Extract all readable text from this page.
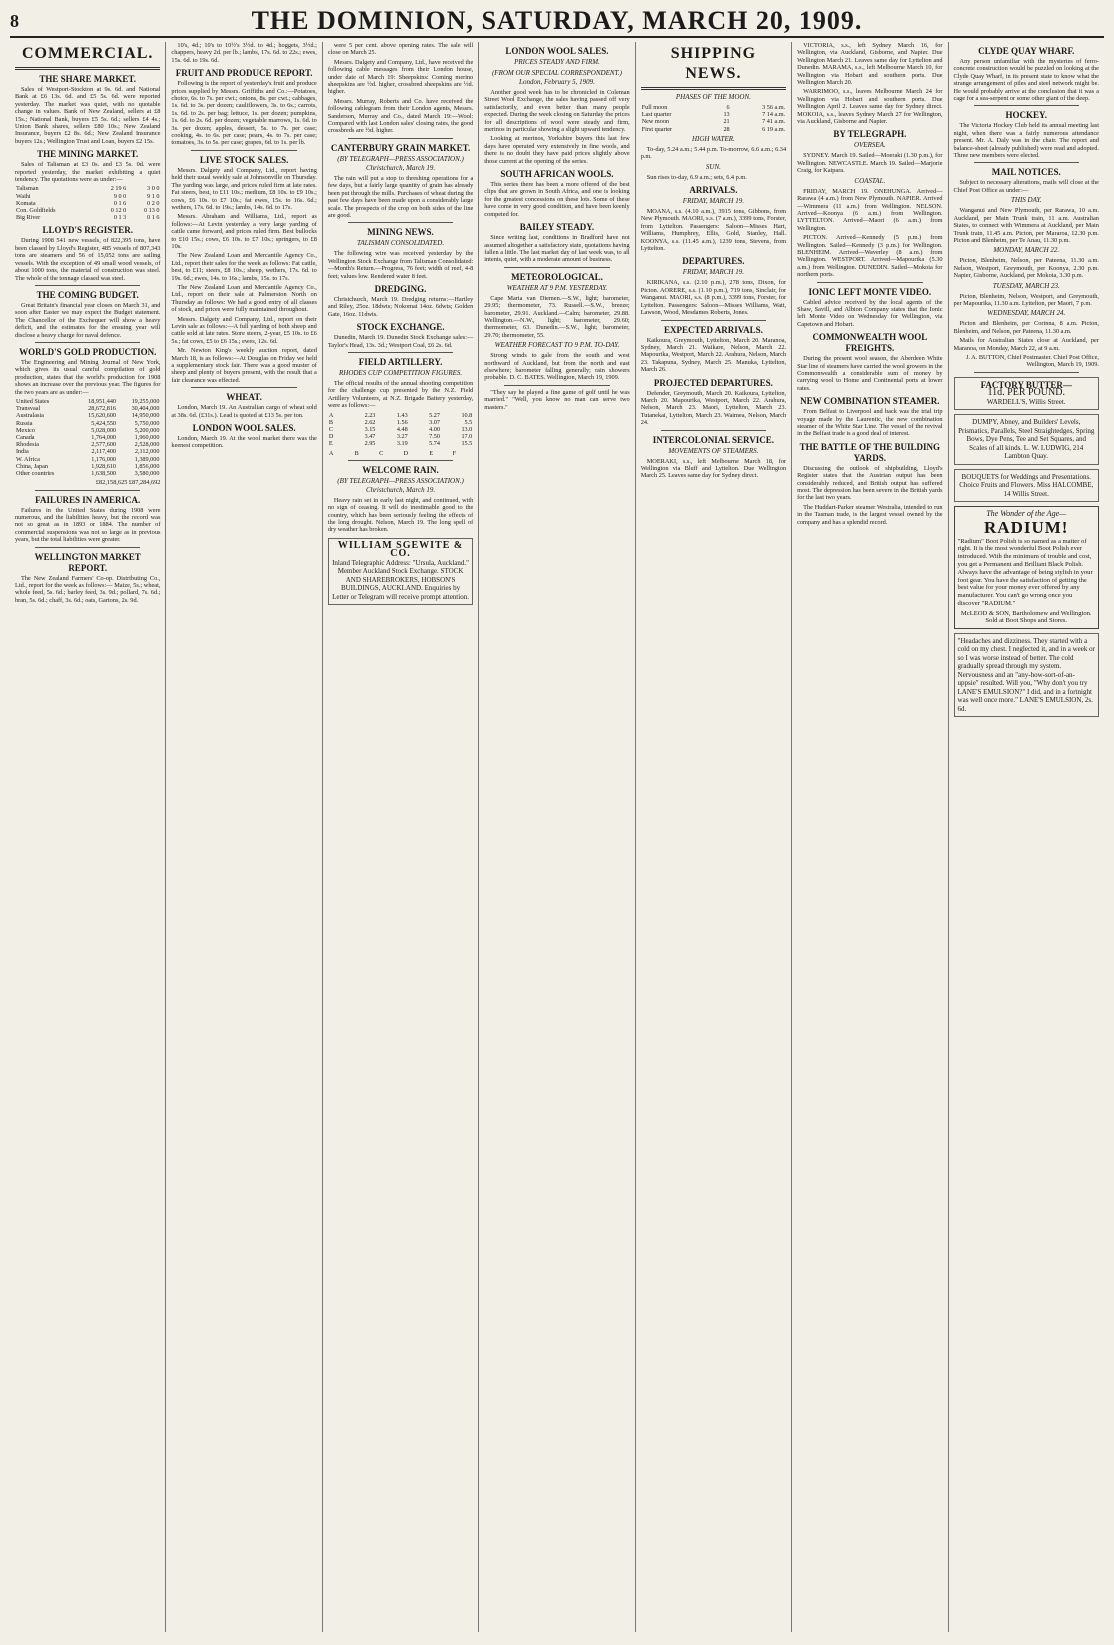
8	THE DOMINION, SATURDAY, MARCH 20, 1909.
COMMERCIAL.
THE SHARE MARKET.

Sales of Westport-Stockton at 9s. 6d. and National Bank at £6 13s. 6d. and £5 5s. 6d. were reported yesterday. The market was quiet, with no quotable change in values. Bank of New Zealand, sellers at £8 15s.; National Bank, buyers £5 5s. 6d.; sellers £4 4s.; Union Bank shares, sellers £80 10s.; New Zealand Insurance, buyers £2 8s. 6d.; New Zealand Insurance buyers 12s.; Wellington Trust and Loan, buyers £2 15s.

THE MINING MARKET.

Sales of Talisman at £3 0s. and £3 5s. 0d. were reported yesterday, the market exhibiting a quiet tendency. The quotations were as under:—

Talisman	2 19 6	3 0 0
Waihi	9 0 0	9 1 0
Komata	0 1 6	0 2 0
Con. Goldfields	0 12 0	0 13 0
Big River	0 1 3	0 1 6
LLOYD'S REGISTER.

During 1908 541 new vessels, of 822,395 tons, have been classed by Lloyd's Register, 485 vessels of 807,343 tons are steamers and 56 of 15,052 tons are sailing vessels. With the exception of 49 small wood vessels, of about 1000 tons, the material of construction was steel. The whole of the tonnage classed was steel.

THE COMING BUDGET.

Great Britain's financial year closes on March 31, and soon after Easter we may expect the Budget statement. The Chancellor of the Exchequer will show a heavy deficit, and the estimates for the ensuing year will disclose a heavy charge for naval defence.

WORLD'S GOLD PRODUCTION.

The Engineering and Mining Journal of New York, which gives its usual careful compilation of gold production, states that the world's production for 1908 shows an increase over the previous year. The figures for the two years are as under:—

United States	18,951,440	19,255,000
Transvaal	28,672,816	30,404,000
Australasia	15,620,600	14,950,000
Russia	5,424,550	5,750,000
Mexico	5,028,000	5,200,000
Canada	1,764,000	1,960,000
Rhodesia	2,577,600	2,528,000
India	2,117,400	2,112,000
W. Africa	1,176,000	1,389,000
China, Japan	1,928,610	1,856,000
Other countries	1,638,500	3,580,000

£82,158,625 £87,284,692

FAILURES IN AMERICA.

Failures in the United States during 1908 were numerous, and the liabilities heavy, but the record was not so great as in 1893 or 1884. The number of commercial suspensions was not so large as in previous years, but the total liabilities were greater.

WELLINGTON MARKET REPORT.

The New Zealand Farmers' Co-op. Distributing Co., Ltd., report for the week as follows:— Maize, 5s.; wheat, whole feed, 5s. 6d.; barley feed, 3s. 9d.; pollard, 7s. 6d.; bran, 5s. 6d.; chaff, 3s. 6d.; oats, Gartons, 2s. 9d.

10's, 4d.; 10's to 10½'s 3½d. to 4d.; hoggets, 3½d.; chappers, heavy 2d. per lb.; lambs, 17s. 6d. to 22s.; ewes, 15s. 6d. to 19s. 6d.

FRUIT AND PRODUCE REPORT.

Following is the report of yesterday's fruit and produce prices supplied by Messrs. Griffiths and Co.:—Potatoes, choice, 6s. to 7s. per cwt.; onions, 8s. per cwt.; cabbages, 1s. 6d. to 3s. per dozen; cauliflowers, 3s. to 6s.; carrots, 1s. 6d. to 2s. per bag; lettuce, 1s. per dozen; pumpkins, 1s. 6d. to 2s. 6d. per dozen; vegetable marrows, 1s. 6d. to 3s. per dozen; apples, dessert, 5s. to 7s. per case; cooking, 4s. to 6s. per case; pears, 4s. to 7s. per case; tomatoes, 3s. to 5s. per case; grapes, 6d. to 1s. per lb.

LIVE STOCK SALES.

Messrs. Dalgety and Company, Ltd., report having held their usual weekly sale at Johnsonville on Thursday. The yarding was large, and prices ruled firm at late rates. Fat steers, best, to £11 10s.; medium, £8 10s. to £9 10s.; cows, £6 10s. to £7 10s.; fat ewes, 15s. to 16s. 6d.; wethers, 17s. 6d. to 19s.; lambs, 14s. 6d. to 17s.

Messrs. Abraham and Williams, Ltd., report as follows:—At Levin yesterday a very large yarding of cattle came forward, and prices ruled firm. Best bullocks to £10 15s.; cows, £6 10s. to £7 10s.; springers, to £8 10s.

The New Zealand Loan and Mercantile Agency Co., Ltd., report their sales for the week as follows: Fat cattle, best, to £11; steers, £8 10s.; sheep, wethers, 17s. 6d. to 19s. 6d.; ewes, 14s. to 16s.; lambs, 15s. to 17s.

The New Zealand Loan and Mercantile Agency Co., Ltd., report on their sale at Palmerston North on Thursday as follows: We had a good entry of all classes of stock, and prices were fully maintained throughout.

Messrs. Dalgety and Company, Ltd., report on their Levin sale as follows:—A full yarding of both sheep and cattle sold at late rates. Store steers, 2-year, £5 10s. to £6 5s.; fat cows, £5 to £6 15s.; ewes, 12s. 6d.

Mr. Newton King's weekly auction report, dated March 18, is as follows:—At Douglas on Friday we held a supplementary stock fair. There was a good muster of sheep and plenty of buyers present, with the result that a fair clearance was effected.

WHEAT.

London, March 19. An Australian cargo of wheat sold at 38s. 6d. (£31s.). Lead is quoted at £13 5s. per ton.

LONDON WOOL SALES.

London, March 19. At the wool market there was the keenest competition.

were 5 per cent. above opening rates. The sale will close on March 25.

Messrs. Dalgety and Company, Ltd., have received the following cable messages from their London house, under date of March 19: Sheepskins: Coming merino sheepskins are ½d. higher, crossbred sheepskins are ½d. higher.

Messrs. Murray, Roberts and Co. have received the following cablegram from their London agents, Messrs. Sanderson, Murray and Co., dated March 19:—Wool: Compared with last London sales' closing rates, the good crossbreds are ½d. higher.

CANTERBURY GRAIN MARKET.
(BY TELEGRAPH—PRESS ASSOCIATION.) Christchurch, March 19.

The rain will put a stop to threshing operations for a few days, but a fairly large quantity of grain has already been put through the mills. Purchases of wheat during the past few days have been made upon a considerably large scale. The prospects of the crop on both sides of the line are good.

MINING NEWS.
TALISMAN CONSOLIDATED.

The following wire was received yesterday by the Wellington Stock Exchange from Talisman Consolidated:—Month's Return.—Progress, 76 feet; width of reef, 4-8 feet; values low. Rendered water 8 feet.

DREDGING.

Christchurch, March 19. Dredging returns:—Hartley and Riley, 25oz. 18dwts; Nokomai 14oz. 6dwts; Golden Gate, 16oz. 11dwts.

STOCK EXCHANGE.

Dunedin, March 19. Dunedin Stock Exchange sales:—Taylor's Head, 13s. 3d.; Westport Coal, £6 2s. 6d.

FIELD ARTILLERY.
RHODES CUP COMPETITION FIGURES.

The official results of the annual shooting competition for the challenge cup presented by the N.Z. Field Artillery Volunteers, at N.Z. Brigade Battery yesterday, were as follows:—

A	2.23	1.43	5.27	10.8
B	2.62	1.56	3.07	5.5
C	3.15	4.48	4.00	13.0
D	3.47	3.27	7.50	17.0
E	2.95	3.19	5.74	15.5
A	B	C	D	E	F
WELCOME RAIN.
(BY TELEGRAPH—PRESS ASSOCIATION.) Christchurch, March 19.

Heavy rain set in early last night, and continued, with no sign of ceasing. It will do inestimable good to the country, which has been seriously feeling the effects of the long drought. Nelson, March 19. The long spell of dry weather has broken.

WILLIAM SGEWITE & CO.
Inland Telegraphic Address: "Ursula, Auckland." Member Auckland Stock Exchange. STOCK AND SHAREBROKERS, HOBSON'S BUILDINGS, AUCKLAND. Enquiries by Letter or Telegram will receive prompt attention.
LONDON WOOL SALES.
PRICES STEADY AND FIRM.
(FROM OUR SPECIAL CORRESPONDENT.) London, February 5, 1909.

Another good week has to be chronicled in Coleman Street Wool Exchange, the sales having passed off very satisfactorily, and even better than many people expected. During the week closing on Saturday the prices for all descriptions of wool were steady and firm, merinos in particular showing a slight upward tendency.

Looking at merinos, Yorkshire buyers this last few days have operated very extensively in fine wools, and there is no doubt they have paid prices slightly above those current at the opening of the series.

SOUTH AFRICAN WOOLS.

This series there has been a more offered of the best clips that are grown in South Africa, and one is looking for the greatest concessions on these lots. Some of these have come in very good condition, and have been keenly competed for.

BAILEY STEADY.

Since writing last, conditions in Bradford have not assumed altogether a satisfactory state, quotations having fallen a little. The last market day of last week was, to all intents, quiet, with a moderate amount of business.

METEOROLOGICAL.
WEATHER AT 9 P.M. YESTERDAY.

Cape Maria van Diemen.—S.W., light; barometer, 29.95; thermometer, 73. Russell.—S.W., breeze; barometer, 29.91. Auckland.—Calm; barometer, 29.88. Wellington.—N.W., light; barometer, 29.60; thermometer, 63. Dunedin.—S.W., light; barometer, 29.70; thermometer, 55.

WEATHER FORECAST TO 9 P.M. TO-DAY.

Strong winds to gale from the south and west northward of Auckland, but from the north and east elsewhere; barometer falling generally; rain showers probable. D. C. BATES. Wellington, March 19, 1909.

"They say he played a fine game of golf until he was married." "Well, you know no man can serve two masters."

SHIPPING NEWS.
PHASES OF THE MOON.
Full moon	6	3 56 a.m.
Last quarter	13	7 14 a.m.
New moon	21	7 41 a.m.
First quarter	28	6 19 a.m.
HIGH WATER.

To-day, 5.24 a.m.; 5.44 p.m. To-morrow, 6.6 a.m.; 6.34 p.m.

SUN.

Sun rises to-day, 6.9 a.m.; sets, 6.4 p.m.

ARRIVALS.
FRIDAY, MARCH 19.

MOANA, s.s. (4.10 a.m.), 3915 tons, Gibbons, from New Plymouth. MAORI, s.s. (7 a.m.), 3399 tons, Forster, from Lyttelton. Passengers: Saloon—Misses Hart, Williams, Humphrey, Ellis, Gold, Stanley, Hall. KOONYA, s.s. (11.45 a.m.), 1239 tons, Stevens, from Lyttelton.

DEPARTURES.
FRIDAY, MARCH 19.

KIRIKANA, s.s. (2.10 p.m.), 278 tons, Dixon, for Picton. AORERE, s.s. (1.10 p.m.), 719 tons, Sinclair, for Wanganui. MAORI, s.s. (8 p.m.), 3399 tons, Forster, for Lyttelton. Passengers: Saloon—Misses Williams, Watt, Lawson, Wood, Mesdames Roberts, Jones.

EXPECTED ARRIVALS.

Kaikoura, Greymouth, Lyttelton, March 20. Maranoa, Sydney, March 21. Waikare, Nelson, March 22. Mapourika, Westport, March 22. Arahura, Nelson, March 23. Takapuna, Sydney, March 25. Manuka, Lyttelton, March 26.

PROJECTED DEPARTURES.

Defender, Greymouth, March 20. Kaikoura, Lyttelton, March 20. Mapourika, Westport, March 22. Arahura, Nelson, March 23. Maori, Lyttelton, March 23. Tutanekai, Lyttelton, March 23. Waimea, Nelson, March 24.

INTERCOLONIAL SERVICE.
MOVEMENTS OF STEAMERS.

MOERAKI, s.s., left Melbourne March 18, for Wellington via Bluff and Lyttelton. Due Wellington March 25. Leaves same day for Sydney direct.

VICTORIA, s.s., left Sydney March 16, for Wellington, via Auckland, Gisborne, and Napier. Due Wellington March 21. Leaves same day for Lyttelton and Dunedin. MARAMA, s.s., left Melbourne March 10, for Wellington via Hobart and southern ports. Due Wellington March 20.

WARRIMOO, s.s., leaves Melbourne March 24 for Wellington via Hobart and southern ports. Due Wellington April 2. Leaves same day for Sydney direct. MOKOIA, s.s., leaves Sydney March 27 for Wellington, via Auckland, Gisborne and Napier.

BY TELEGRAPH.
OVERSEA.

SYDNEY. March 19. Sailed—Moeraki (1.30 p.m.), for Wellington. NEWCASTLE. March 19. Sailed—Marjorie Craig, for Kaipara.

COASTAL.

FRIDAY, MARCH 19. ONEHUNGA. Arrived—Rarawa (4 a.m.) from New Plymouth. NAPIER. Arrived—Wimmera (11 a.m.) from Wellington. NELSON. Arrived—Koonya (6 a.m.) from Wellington. LYTTELTON. Arrived—Maori (6 a.m.) from Wellington.

PICTON. Arrived—Kennedy (5 p.m.) from Wellington. Sailed—Kennedy (3 p.m.) for Wellington. BLENHEIM. Arrived—Waverley (8 a.m.) from Wellington. WESTPORT. Arrived—Mapourika (5.30 a.m.) from Wellington. DUNEDIN. Sailed—Mokoia for northern ports.

IONIC LEFT MONTE VIDEO.

Cabled advice received by the local agents of the Shaw, Savill, and Albion Company states that the Ionic left Monte Video on Wednesday for Wellington, via Capetown and Hobart.

COMMONWEALTH WOOL FREIGHTS.

During the present wool season, the Aberdeen White Star line of steamers have carried the wool growers in the Commonwealth a considerable sum of money by carrying wool to Home and Continental ports at lower rates.

NEW COMBINATION STEAMER.

From Belfast to Liverpool and back was the trial trip voyage made by the Laurentic, the new combination steamer of the White Star Line. The vessel of the revival in the Belfast trade is a good deal of interest.

THE BATTLE OF THE BUILDING YARDS.

Discussing the outlook of shipbuilding, Lloyd's Register states that the Austrian output has been considerably reduced, and British output has suffered most. The depression has been severe in the British yards for the last two years.

The Huddart-Parker steamer Westralia, intended to run in the Tasman trade, is the largest vessel owned by the company and has a splendid record.

CLYDE QUAY WHARF.

Any person unfamiliar with the mysteries of ferro-concrete construction would be puzzled on looking at the Clyde Quay Wharf, in its present state to know what the strange arrangement of piles and steel network might be. He would probably arrive at the conclusion that it was a cage for a sea-serpent or some other giant of the deep.

HOCKEY.

The Victoria Hockey Club held its annual meeting last night, when there was a fairly numerous attendance present. Mr. A. Daly was in the chair. The report and balance-sheet (already published) were read and adopted. Three new members were elected.

MAIL NOTICES.

Subject to necessary alterations, mails will close at the Chief Post Office as under:—

THIS DAY.

Wanganui and New Plymouth, per Rarawa, 10 a.m. Auckland, per Main Trunk train, 11 a.m. Australian States, to connect with Wimmera at Auckland, per Main Trunk train, 11.45 a.m. Picton, per Mararoa, 12.30 p.m. Picton and Blenheim, per Te Anau, 11.30 p.m.

MONDAY, MARCH 22.

Picton, Blenheim, Nelson, per Pateena, 11.30 a.m. Nelson, Westport, Greymouth, per Koonya, 2.30 p.m. Napier, Gisborne, Auckland, per Mokoia, 3.30 p.m.

TUESDAY, MARCH 23.

Picton, Blenheim, Nelson, Westport, and Greymouth, per Mapourika, 11.30 a.m. Lyttelton, per Maori, 7 p.m.

WEDNESDAY, MARCH 24.

Picton and Blenheim, per Corinna, 8 a.m. Picton, Blenheim, and Nelson, per Pateena, 11.30 a.m.

Mails for Australian States close at Auckland, per Maranoa, on Monday, March 22, at 9 a.m.

J. A. BUTTON, Chief Postmaster. Chief Post Office, Wellington, March 19, 1909.

FACTORY BUTTER—
11d. PER POUND.
WARDELL'S, Willis Street.
DUMPY, Abney, and Builders' Levels, Prismatics, Parallels, Steel Straightedges, Spring Bows, Dye Pens, Tee and Set Squares, and Scales of all kinds. L. W. LUDWIG, 214 Lambton Quay.
BOUQUETS for Weddings and Presentations. Choice Fruits and Flowers. Miss HALCOMBE, 14 Willis Street.
The Wonder of the Age—
RADIUM!
"Radium" Boot Polish is so named as a matter of right. It is the most wonderful Boot Polish ever introduced. With the minimum of trouble and cost, you get a Permanent and Brilliant Black Polish. Always have the advantage of being stylish in your foot gear. You have the satisfaction of getting the best value for your money ever offered by any manufacturer. You can't go wrong once you discover "RADIUM."
McLEOD & SON, Bartholomew and Wellington. Sold at Boot Shops and Stores.
"Headaches and dizziness. They started with a cold on my chest. I neglected it, and in a week or so I was worse instead of better. The cold gradually spread through my system. Nervousness and an "any-how-sort-of-an-uppsie" resulted. Will you, "Why don't you try LANE'S EMULSION?" I did, and in a fortnight was well once more." LANE'S EMULSION, 2s. 6d.
